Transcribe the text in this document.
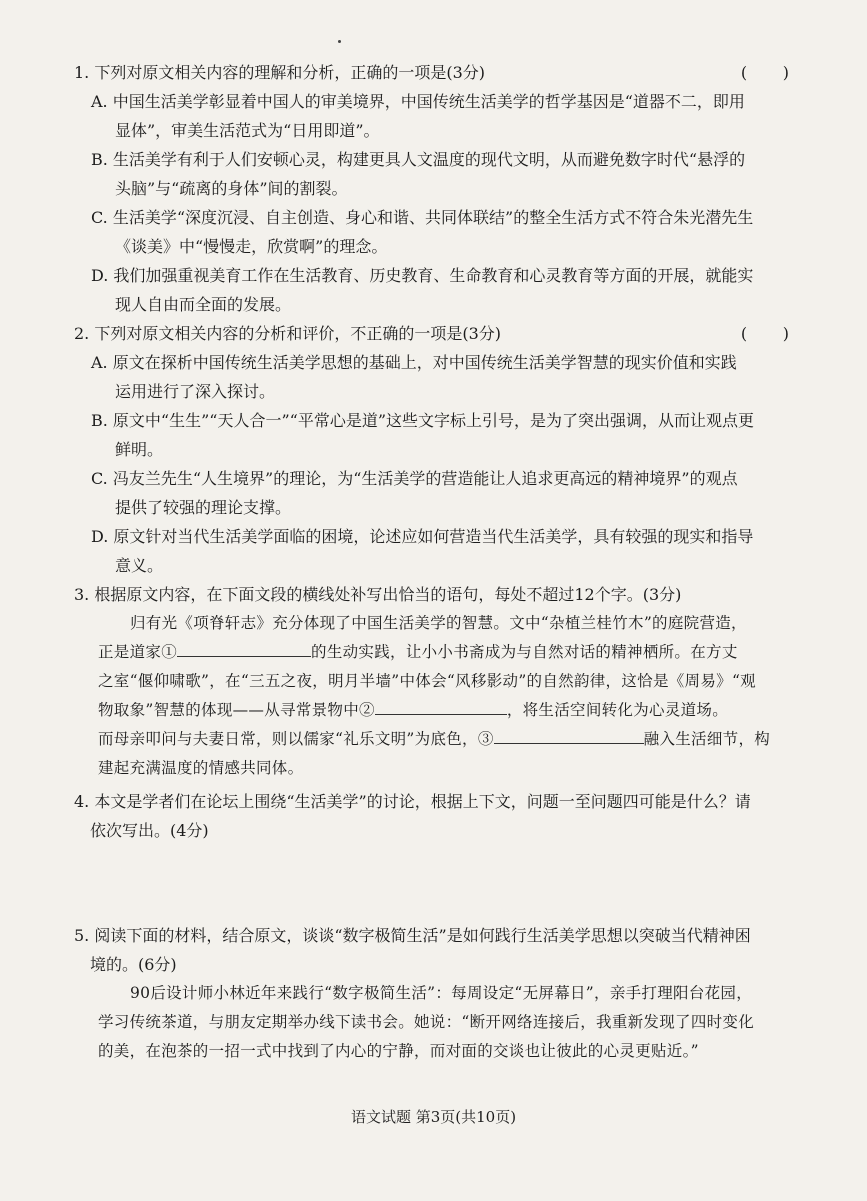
1. 下列对原文相关内容的理解和分析，正确的一项是(3分)	(       )
A. 中国生活美学彰显着中国人的审美境界，中国传统生活美学的哲学基因是“道器不二，即用
显体”，审美生活范式为“日用即道”。
B. 生活美学有利于人们安顿心灵，构建更具人文温度的现代文明，从而避免数字时代“悬浮的
头脑”与“疏离的身体”间的割裂。
C. 生活美学“深度沉浸、自主创造、身心和谐、共同体联结”的整全生活方式不符合朱光潜先生
《谈美》中“慢慢走，欣赏啊”的理念。
D. 我们加强重视美育工作在生活教育、历史教育、生命教育和心灵教育等方面的开展，就能实
现人自由而全面的发展。
2. 下列对原文相关内容的分析和评价，不正确的一项是(3分)	(       )
A. 原文在探析中国传统生活美学思想的基础上，对中国传统生活美学智慧的现实价值和实践
运用进行了深入探讨。
B. 原文中“生生”“天人合一”“平常心是道”这些文字标上引号，是为了突出强调，从而让观点更
鲜明。
C. 冯友兰先生“人生境界”的理论，为“生活美学的营造能让人追求更高远的精神境界”的观点
提供了较强的理论支撑。
D. 原文针对当代生活美学面临的困境，论述应如何营造当代生活美学，具有较强的现实和指导
意义。
3. 根据原文内容，在下面文段的横线处补写出恰当的语句，每处不超过12个字。(3分)

归有光《项脊轩志》充分体现了中国生活美学的智慧。文中“杂植兰桂竹木”的庭院营造，

正是道家①	的生动实践，让小小书斋成为与自然对话的精神栖所。在方丈

之室“偃仰啸歌”，在“三五之夜，明月半墙”中体会“风移影动”的自然韵律，这恰是《周易》“观

物取象”智慧的体现——从寻常景物中②	，将生活空间转化为心灵道场。

而母亲叩问与夫妻日常，则以儒家“礼乐文明”为底色，③	融入生活细节，构

建起充满温度的情感共同体。

4. 本文是学者们在论坛上围绕“生活美学”的讨论，根据上下文，问题一至问题四可能是什么？请
依次写出。(4分)
5. 阅读下面的材料，结合原文，谈谈“数字极简生活”是如何践行生活美学思想以突破当代精神困
境的。(6分)

90后设计师小林近年来践行“数字极简生活”：每周设定“无屏幕日”，亲手打理阳台花园，

学习传统茶道，与朋友定期举办线下读书会。她说：“断开网络连接后，我重新发现了四时变化

的美，在泡茶的一招一式中找到了内心的宁静，而对面的交谈也让彼此的心灵更贴近。”

语文试题 第3页(共10页)
